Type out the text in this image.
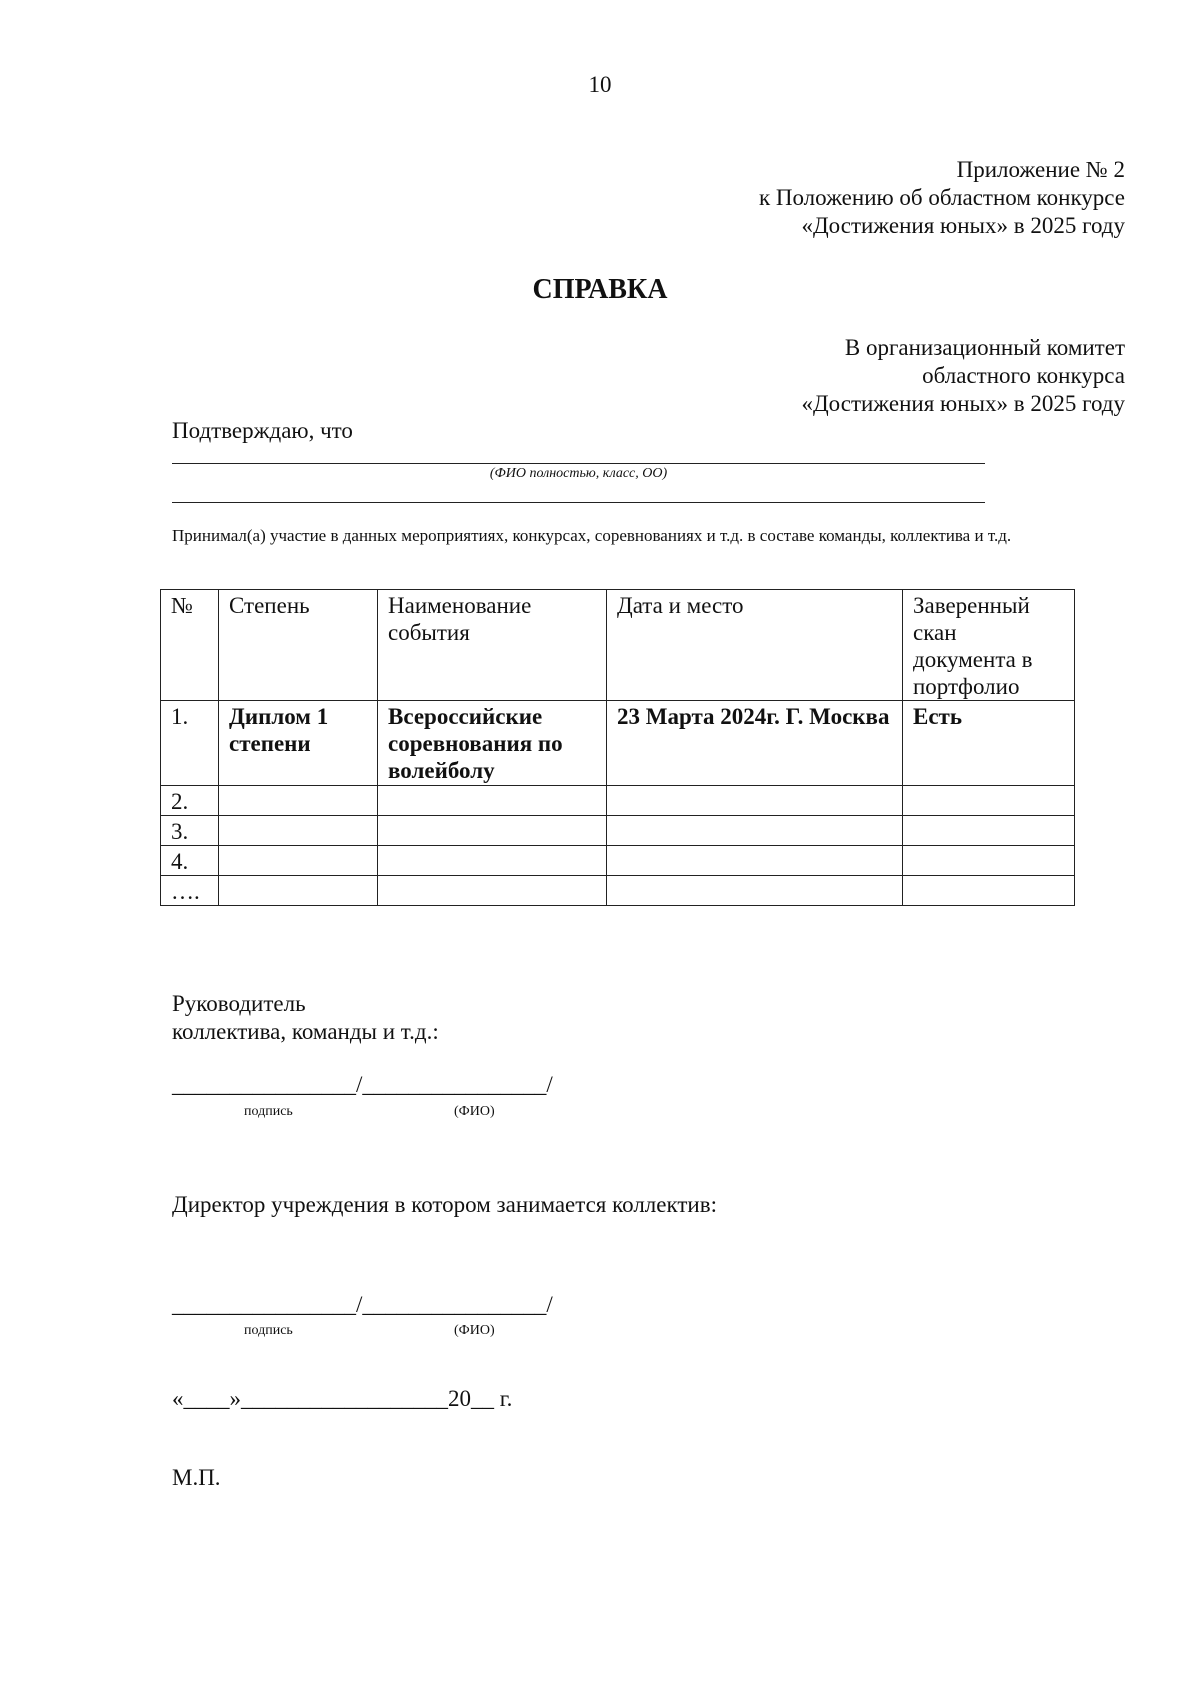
10
Приложение № 2
к Положению об областном конкурсе
«Достижения юных» в 2025 году
СПРАВКА
В организационный комитет
областного конкурса
«Достижения юных» в 2025 году
Подтверждаю, что
(ФИО полностью, класс, ОО)
Принимал(а) участие в данных мероприятиях, конкурсах, соревнованиях и т.д. в составе команды, коллектива и т.д.
№	Степень	Наименование события	Дата и место	Заверенный скан документа в портфолио
1.	Диплом 1 степени	Всероссийские соревнования по волейболу	23 Марта 2024г. Г. Москва	Есть
2.				
3.				
4.				
….				
Руководитель
коллектива, команды и т.д.:
________________/________________/
подпись	(ФИО)
Директор учреждения в котором занимается коллектив:
________________/________________/
подпись	(ФИО)
«____»__________________20__ г.
М.П.
